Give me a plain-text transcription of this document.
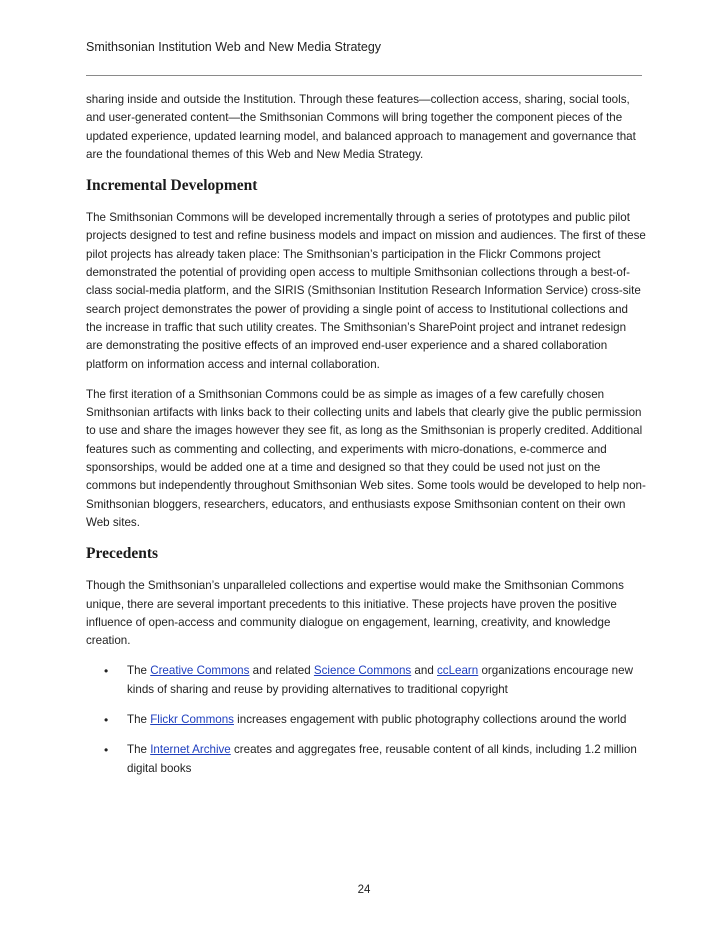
Smithsonian Institution Web and New Media Strategy

sharing inside and outside the Institution. Through these features—collection access, sharing, social tools, and user-generated content—the Smithsonian Commons will bring together the component pieces of the updated experience, updated learning model, and balanced approach to management and governance that are the foundational themes of this Web and New Media Strategy.

Incremental Development

The Smithsonian Commons will be developed incrementally through a series of prototypes and public pilot projects designed to test and refine business models and impact on mission and audiences. The first of these pilot projects has already taken place: The Smithsonian’s participation in the Flickr Commons project demonstrated the potential of providing open access to multiple Smithsonian collections through a best-of-class social-media platform, and the SIRIS (Smithsonian Institution Research Information Service) cross-site search project demonstrates the power of providing a single point of access to Institutional collections and the increase in traffic that such utility creates. The Smithsonian’s SharePoint project and intranet redesign are demonstrating the positive effects of an improved end-user experience and a shared collaboration platform on information access and internal collaboration.

The first iteration of a Smithsonian Commons could be as simple as images of a few carefully chosen Smithsonian artifacts with links back to their collecting units and labels that clearly give the public permission to use and share the images however they see fit, as long as the Smithsonian is properly credited. Additional features such as commenting and collecting, and experiments with micro-donations, e-commerce and sponsorships, would be added one at a time and designed so that they could be used not just on the commons but independently throughout Smithsonian Web sites. Some tools would be developed to help non-Smithsonian bloggers, researchers, educators, and enthusiasts expose Smithsonian content on their own Web sites.

Precedents

Though the Smithsonian’s unparalleled collections and expertise would make the Smithsonian Commons unique, there are several important precedents to this initiative. These projects have proven the positive influence of open-access and community dialogue on engagement, learning, creativity, and knowledge creation.

• The Creative Commons and related Science Commons and ccLearn organizations encourage new kinds of sharing and reuse by providing alternatives to traditional copyright
• The Flickr Commons increases engagement with public photography collections around the world
• The Internet Archive creates and aggregates free, reusable content of all kinds, including 1.2 million digital books
24
